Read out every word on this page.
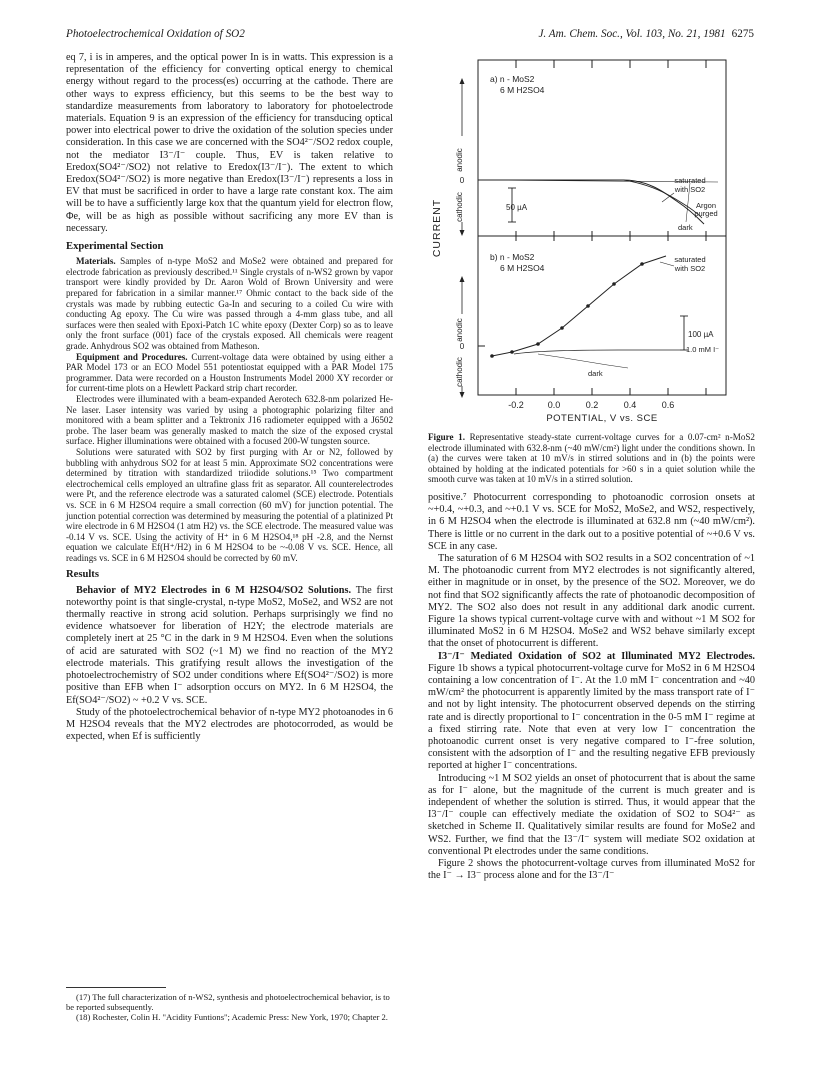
Photoelectrochemical Oxidation of SO2	J. Am. Chem. Soc., Vol. 103, No. 21, 1981 6275

eq 7, i is in amperes, and the optical power In is in watts. This expression is a representation of the efficiency for converting optical energy to chemical energy without regard to the process(es) occurring at the cathode. There are other ways to express efficiency, but this seems to be the best way to standardize measurements from laboratory to laboratory for photoelectrode materials. Equation 9 is an expression of the efficiency for transducing optical power into electrical power to drive the oxidation of the solution species under consideration. In this case we are concerned with the SO4²⁻/SO2 redox couple, not the mediator I3⁻/I⁻ couple. Thus, EV is taken relative to Eredox(SO4²⁻/SO2) not relative to Eredox(I3⁻/I⁻). The extent to which Eredox(SO4²⁻/SO2) is more negative than Eredox(I3⁻/I⁻) represents a loss in EV that must be sacrificed in order to have a large rate constant kox. The aim will be to have a sufficiently large kox that the quantum yield for electron flow, Φe, will be as high as possible without sacrificing any more EV than is necessary.

Experimental Section

Materials. Samples of n-type MoS2 and MoSe2 were obtained and prepared for electrode fabrication as previously described.¹¹ Single crystals of n-WS2 grown by vapor transport were kindly provided by Dr. Aaron Wold of Brown University and were prepared for fabrication in a similar manner.¹⁷ Ohmic contact to the back side of the crystals was made by rubbing eutectic Ga-In and securing to a coiled Cu wire with conducting Ag epoxy. The Cu wire was passed through a 4-mm glass tube, and all surfaces were then sealed with Epoxi-Patch 1C white epoxy (Dexter Corp) so as to leave only the front surface (001) face of the crystals exposed. All chemicals were reagent grade. Anhydrous SO2 was obtained from Matheson.

Equipment and Procedures. Current-voltage data were obtained by using either a PAR Model 173 or an ECO Model 551 potentiostat equipped with a PAR Model 175 programmer. Data were recorded on a Houston Instruments Model 2000 XY recorder or for current-time plots on a Hewlett Packard strip chart recorder.

Electrodes were illuminated with a beam-expanded Aerotech 632.8-nm polarized He-Ne laser. Laser intensity was varied by using a photographic polarizing filter and monitored with a beam splitter and a Tektronix J16 radiometer equipped with a J6502 probe. The laser beam was generally masked to match the size of the exposed crystal surface. Higher illuminations were obtained with a focused 200-W tungsten source.

Solutions were saturated with SO2 by first purging with Ar or N2, followed by bubbling with anhydrous SO2 for at least 5 min. Approximate SO2 concentrations were determined by titration with standardized triiodide solutions.¹⁵ Two compartment electrochemical cells employed an ultrafine glass frit as separator. All counterelectrodes were Pt, and the reference electrode was a saturated calomel (SCE) electrode. Potentials vs. SCE in 6 M H2SO4 require a small correction (60 mV) for junction potential. The junction potential correction was determined by measuring the potential of a platinized Pt wire electrode in 6 M H2SO4 (1 atm H2) vs. the SCE electrode. The measured value was -0.14 V vs. SCE. Using the activity of H⁺ in 6 M H2SO4,¹⁸ pH -2.8, and the Nernst equation we calculate Ef(H⁺/H2) in 6 M H2SO4 to be ~-0.08 V vs. SCE. Hence, all readings vs. SCE in 6 M H2SO4 should be corrected by 60 mV.

Results

Behavior of MY2 Electrodes in 6 M H2SO4/SO2 Solutions. The first noteworthy point is that single-crystal, n-type MoS2, MoSe2, and WS2 are not thermally reactive in strong acid solution. Perhaps surprisingly we find no evidence whatsoever for liberation of H2Y; the electrode materials are completely inert at 25 °C in the dark in 9 M H2SO4. Even when the solutions of acid are saturated with SO2 (~1 M) we find no reaction of the MY2 electrode materials. This gratifying result allows the investigation of the photoelectrochemistry of SO2 under conditions where Ef(SO4²⁻/SO2) is more positive than EFB when I⁻ adsorption occurs on MY2. In 6 M H2SO4, the Ef(SO4²⁻/SO2) ~ +0.2 V vs. SCE.

Study of the photoelectrochemical behavior of n-type MY2 photoanodes in 6 M H2SO4 reveals that the MY2 electrodes are photocorroded, as would be expected, when Ef is sufficiently

(17) The full characterization of n-WS2, synthesis and photoelectrochemical behavior, is to be reported subsequently.

(18) Rochester, Colin H. "Acidity Funtions"; Academic Press: New York, 1970; Chapter 2.

CURRENT
anodic
0
cathodic
a) n - MoS2
6 M H2SO4
50 µA
saturated
with SO2
Argon
purged
dark
anodic
0
cathodic
b) n - MoS2
6 M H2SO4
100 µA
saturated
with SO2
1.0 mM I⁻
dark
-0.2	0.0	0.2	0.4	0.6
POTENTIAL, V vs. SCE
Figure 1. Representative steady-state current-voltage curves for a 0.07-cm² n-MoS2 electrode illuminated with 632.8-nm (~40 mW/cm²) light under the conditions shown. In (a) the curves were taken at 10 mV/s in stirred solutions and in (b) the points were obtained by holding at the indicated potentials for >60 s in a quiet solution while the smooth curve was taken at 10 mV/s in a stirred solution.

positive.⁷ Photocurrent corresponding to photoanodic corrosion onsets at ~+0.4, ~+0.3, and ~+0.1 V vs. SCE for MoS2, MoSe2, and WS2, respectively, in 6 M H2SO4 when the electrode is illuminated at 632.8 nm (~40 mW/cm²). There is little or no current in the dark out to a positive potential of ~+0.6 V vs. SCE in any case.

The saturation of 6 M H2SO4 with SO2 results in a SO2 concentration of ~1 M. The photoanodic current from MY2 electrodes is not significantly altered, either in magnitude or in onset, by the presence of the SO2. Moreover, we do not find that SO2 significantly affects the rate of photoanodic decomposition of MY2. The SO2 also does not result in any additional dark anodic current. Figure 1a shows typical current-voltage curve with and without ~1 M SO2 for illuminated MoS2 in 6 M H2SO4. MoSe2 and WS2 behave similarly except that the onset of photocurrent is different.

I3⁻/I⁻ Mediated Oxidation of SO2 at Illuminated MY2 Electrodes. Figure 1b shows a typical photocurrent-voltage curve for MoS2 in 6 M H2SO4 containing a low concentration of I⁻. At the 1.0 mM I⁻ concentration and ~40 mW/cm² the photocurrent is apparently limited by the mass transport rate of I⁻ and not by light intensity. The photocurrent observed depends on the stirring rate and is directly proportional to I⁻ concentration in the 0-5 mM I⁻ regime at a fixed stirring rate. Note that even at very low I⁻ concentration the photoanodic current onset is very negative compared to I⁻-free solution, consistent with the adsorption of I⁻ and the resulting negative EFB previously reported at higher I⁻ concentrations.

Introducing ~1 M SO2 yields an onset of photocurrent that is about the same as for I⁻ alone, but the magnitude of the current is much greater and is independent of whether the solution is stirred. Thus, it would appear that the I3⁻/I⁻ couple can effectively mediate the oxidation of SO2 to SO4²⁻ as sketched in Scheme II. Qualitatively similar results are found for MoSe2 and WS2. Further, we find that the I3⁻/I⁻ system will mediate SO2 oxidation at conventional Pt electrodes under the same conditions.

Figure 2 shows the photocurrent-voltage curves from illuminated MoS2 for the I⁻ → I3⁻ process alone and for the I3⁻/I⁻
